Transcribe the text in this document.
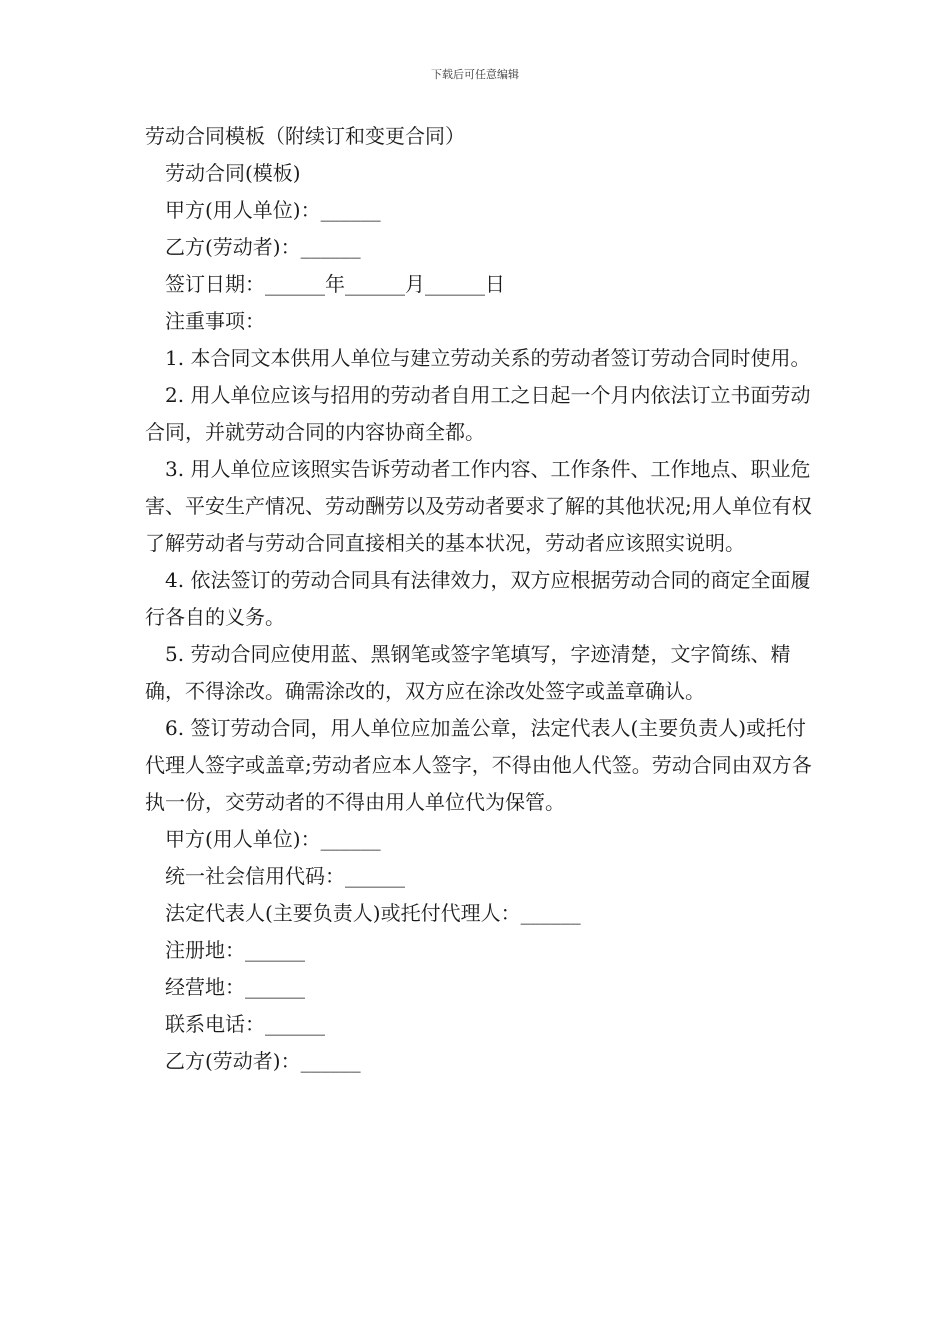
下载后可任意编辑

劳动合同模板（附续订和变更合同）

劳动合同(模板)

甲方(用人单位)：______

乙方(劳动者)：______

签订日期：______年______月______日

注重事项：

1. 本合同文本供用人单位与建立劳动关系的劳动者签订劳动合同时使用。

2. 用人单位应该与招用的劳动者自用工之日起一个月内依法订立书面劳动合同，并就劳动合同的内容协商全都。

3. 用人单位应该照实告诉劳动者工作内容、工作条件、工作地点、职业危害、平安生产情况、劳动酬劳以及劳动者要求了解的其他状况;用人单位有权了解劳动者与劳动合同直接相关的基本状况，劳动者应该照实说明。

4. 依法签订的劳动合同具有法律效力，双方应根据劳动合同的商定全面履行各自的义务。

5. 劳动合同应使用蓝、黑钢笔或签字笔填写，字迹清楚，文字简练、精确，不得涂改。确需涂改的，双方应在涂改处签字或盖章确认。

6. 签订劳动合同，用人单位应加盖公章，法定代表人(主要负责人)或托付代理人签字或盖章;劳动者应本人签字，不得由他人代签。劳动合同由双方各执一份，交劳动者的不得由用人单位代为保管。

甲方(用人单位)：______

统一社会信用代码：______

法定代表人(主要负责人)或托付代理人：______

注册地：______

经营地：______

联系电话：______

乙方(劳动者)：______
